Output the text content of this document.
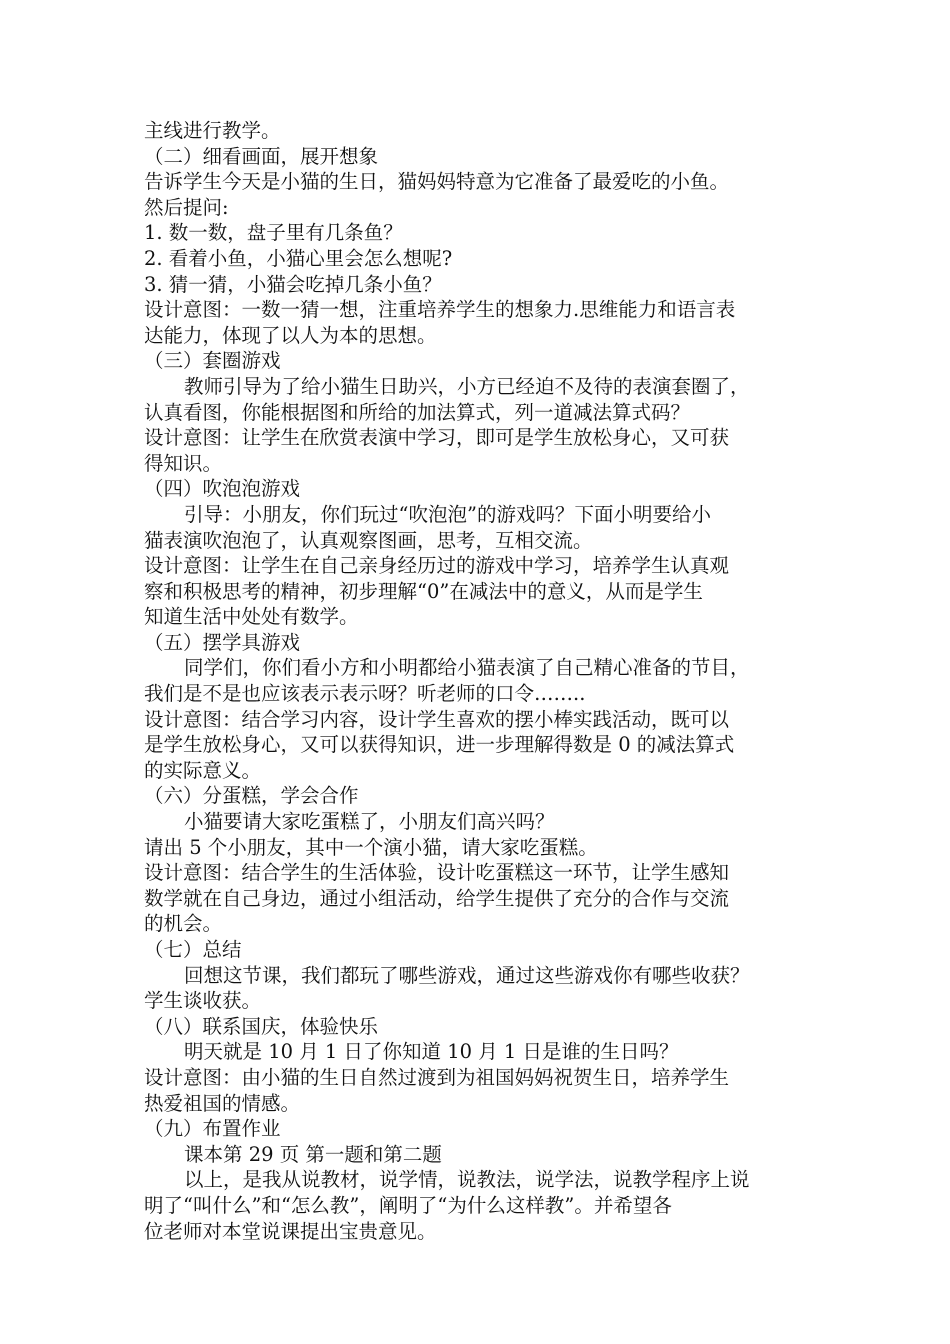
主线进行教学。
（二）细看画面，展开想象
告诉学生今天是小猫的生日，猫妈妈特意为它准备了最爱吃的小鱼。
然后提问:
1. 数一数，盘子里有几条鱼？
2. 看着小鱼，小猫心里会怎么想呢?
3. 猜一猜，小猫会吃掉几条小鱼？
设计意图：一数一猜一想，注重培养学生的想象力.思维能力和语言表
达能力，体现了以人为本的思想。
（三）套圈游戏
教师引导为了给小猫生日助兴，小方已经迫不及待的表演套圈了，
认真看图，你能根据图和所给的加法算式，列一道减法算式码？
设计意图：让学生在欣赏表演中学习，即可是学生放松身心，又可获
得知识。
（四）吹泡泡游戏
引导：小朋友，你们玩过“吹泡泡”的游戏吗？下面小明要给小
猫表演吹泡泡了，认真观察图画，思考，互相交流。
设计意图：让学生在自己亲身经历过的游戏中学习，培养学生认真观
察和积极思考的精神，初步理解“0”在减法中的意义，从而是学生
知道生活中处处有数学。
（五）摆学具游戏
同学们，你们看小方和小明都给小猫表演了自己精心准备的节目，
我们是不是也应该表示表示呀？听老师的口令……..
设计意图：结合学习内容，设计学生喜欢的摆小棒实践活动，既可以
是学生放松身心，又可以获得知识，进一步理解得数是 0 的减法算式
的实际意义。
（六）分蛋糕，学会合作
小猫要请大家吃蛋糕了，小朋友们高兴吗？
请出 5 个小朋友，其中一个演小猫，请大家吃蛋糕。
设计意图：结合学生的生活体验，设计吃蛋糕这一环节，让学生感知
数学就在自己身边，通过小组活动，给学生提供了充分的合作与交流
的机会。
（七）总结
回想这节课，我们都玩了哪些游戏，通过这些游戏你有哪些收获？
学生谈收获。
（八）联系国庆，体验快乐
明天就是 10 月 1 日了你知道 10 月 1 日是谁的生日吗？
设计意图：由小猫的生日自然过渡到为祖国妈妈祝贺生日，培养学生
热爱祖国的情感。
（九）布置作业
课本第 29 页 第一题和第二题
以上，是我从说教材，说学情，说教法，说学法，说教学程序上说
明了“叫什么”和“怎么教”，阐明了“为什么这样教”。并希望各
位老师对本堂说课提出宝贵意见。
